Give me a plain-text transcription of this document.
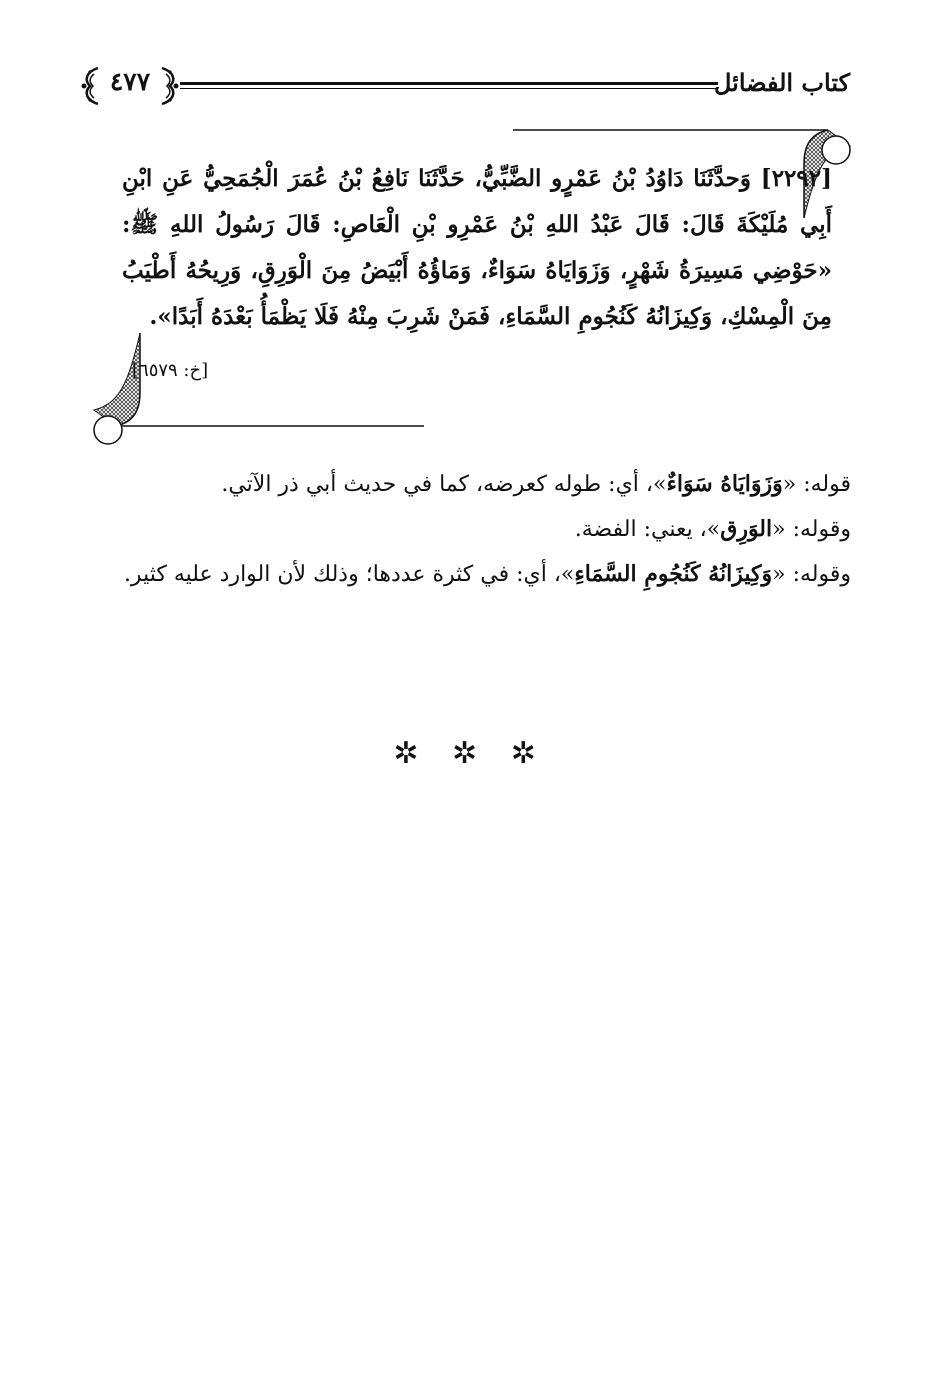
كتاب الفضائل
٤٧٧
[٢٢٩٢] وَحدَّثَنَا دَاوُدُ بْنُ عَمْرٍو الضَّبِّيُّ، حَدَّثَنَا نَافِعُ بْنُ عُمَرَ الْجُمَحِيُّ عَنِ ابْنِ أَبِي مُلَيْكَةَ قَالَ: قَالَ عَبْدُ اللهِ بْنُ عَمْرِو بْنِ الْعَاصِ: قَالَ رَسُولُ اللهِ ﷺ: «حَوْضِي مَسِيرَةُ شَهْرٍ، وَزَوَايَاهُ سَوَاءٌ، وَمَاؤُهُ أَبْيَضُ مِنَ الْوَرِقِ، وَرِيحُهُ أَطْيَبُ مِنَ الْمِسْكِ، وَكِيزَانُهُ كَنُجُومِ السَّمَاءِ، فَمَنْ شَرِبَ مِنْهُ فَلَا يَظْمَأُ بَعْدَهُ أَبَدًا».
[خ: ٦٥٧٩]

قوله: «وَزَوَايَاهُ سَوَاءٌ»، أي: طوله كعرضه، كما في حديث أبي ذر الآتي.

وقوله: «الوَرِق»، يعني: الفضة.

وقوله: «وَكِيزَانُهُ كَنُجُومِ السَّمَاءِ»، أي: في كثرة عددها؛ وذلك لأن الوارد عليه كثير.

✲ ✲ ✲
